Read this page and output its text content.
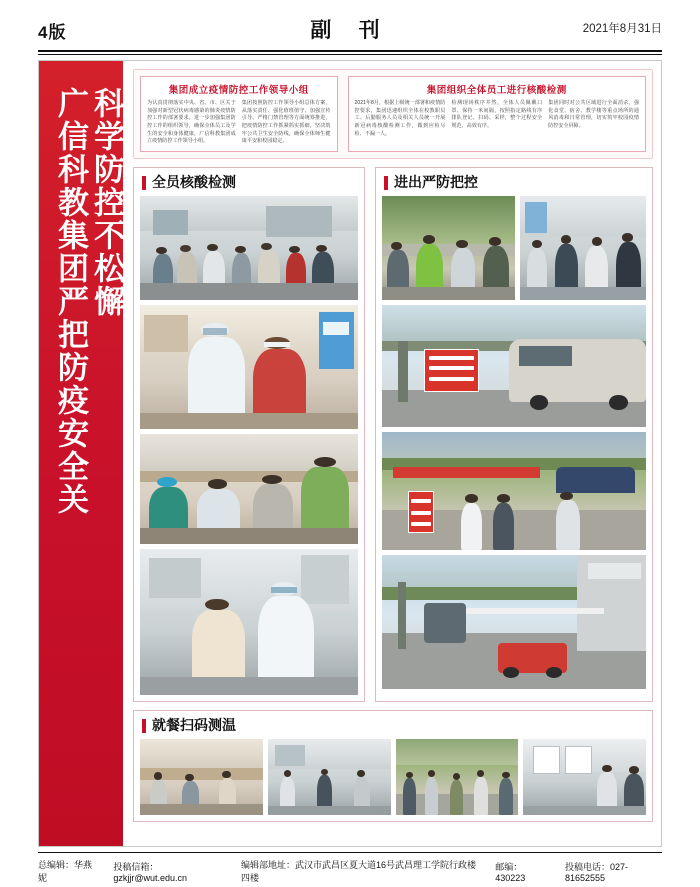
4版	副 刊	2021年8月31日
科学防控不松懈
广信科教集团严把防疫安全关	集团成立疫情防控工作领导小组

为认真贯彻落实中央、省、市、区关于加强对新型冠状病毒感染的肺炎疫情防控工作的部署要求，进一步加强集团防控工作的组织领导，确保全体员工及学生的安全和身体健康，广信科教集团成立疫情防控工作领导小组。

集团按照防控工作领导小组总体方案，从落实责任、强化值班值守、加强宣传引导、严格门禁管理等方面统筹推进，把疫情防控工作抓紧抓实抓细，坚决筑牢公共卫生安全防线，确保全体师生健康平安和校园稳定。

集团组织全体员工进行核酸检测

2021年8月，根据上级统一部署和疫情防控要求，集团迅速组织全体在校教职员工、后勤服务人员及相关人员统一开展新冠病毒核酸检测工作，做到应检尽检、不漏一人。

检测现场秩序井然，全体人员佩戴口罩、保持一米间隔，按照指定路线有序排队登记、扫码、采样，整个过程安全规范、高效有序。

集团同时对公共区域进行全面消杀，强化食堂、宿舍、教学楼等重点场所的通风消毒和日常管理，切实筑牢校园疫情防控安全屏障。

全员核酸检测	进出严防把控
就餐扫码测温
总编辑：华燕妮
投稿信箱：gzkjjr@wut.edu.cn
编辑部地址：武汉市武昌区夏大道16号武昌理工学院行政楼四楼
邮编：430223
投稿电话：027-81652555
